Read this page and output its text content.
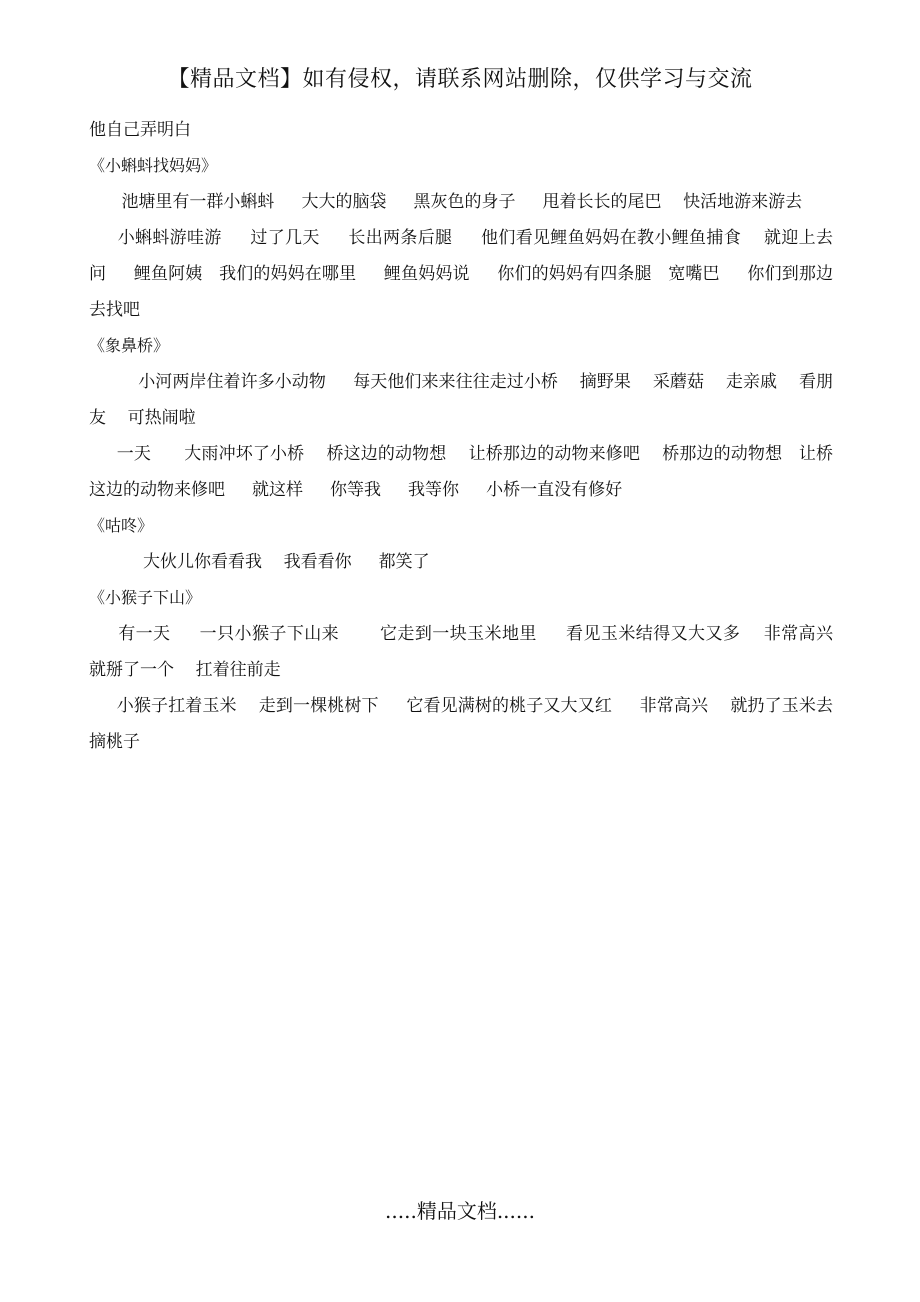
【精品文档】如有侵权，请联系网站删除，仅供学习与交流
他自己弄明白
《小蝌蚪找妈妈》
池塘里有一群小蝌蚪     大大的脑袋     黑灰色的身子     甩着长长的尾巴    快活地游来游去
小蝌蚪游哇游     过了几天     长出两条后腿     他们看见鲤鱼妈妈在教小鲤鱼捕食    就迎上去     问     鲤鱼阿姨   我们的妈妈在哪里     鲤鱼妈妈说     你们的妈妈有四条腿   宽嘴巴     你们到那边去找吧
《象鼻桥》
小河两岸住着许多小动物     每天他们来来往往走过小桥    摘野果    采蘑菇    走亲戚    看朋友    可热闹啦
一天      大雨冲坏了小桥    桥这边的动物想    让桥那边的动物来修吧    桥那边的动物想   让桥这边的动物来修吧     就这样     你等我     我等你     小桥一直没有修好
《咕咚》
大伙儿你看看我    我看看你     都笑了
《小猴子下山》
有一天     一只小猴子下山来       它走到一块玉米地里     看见玉米结得又大又多    非常高兴     就掰了一个    扛着往前走
小猴子扛着玉米    走到一棵桃树下     它看见满树的桃子又大又红     非常高兴    就扔了玉米去摘桃子
.....精品文档......
